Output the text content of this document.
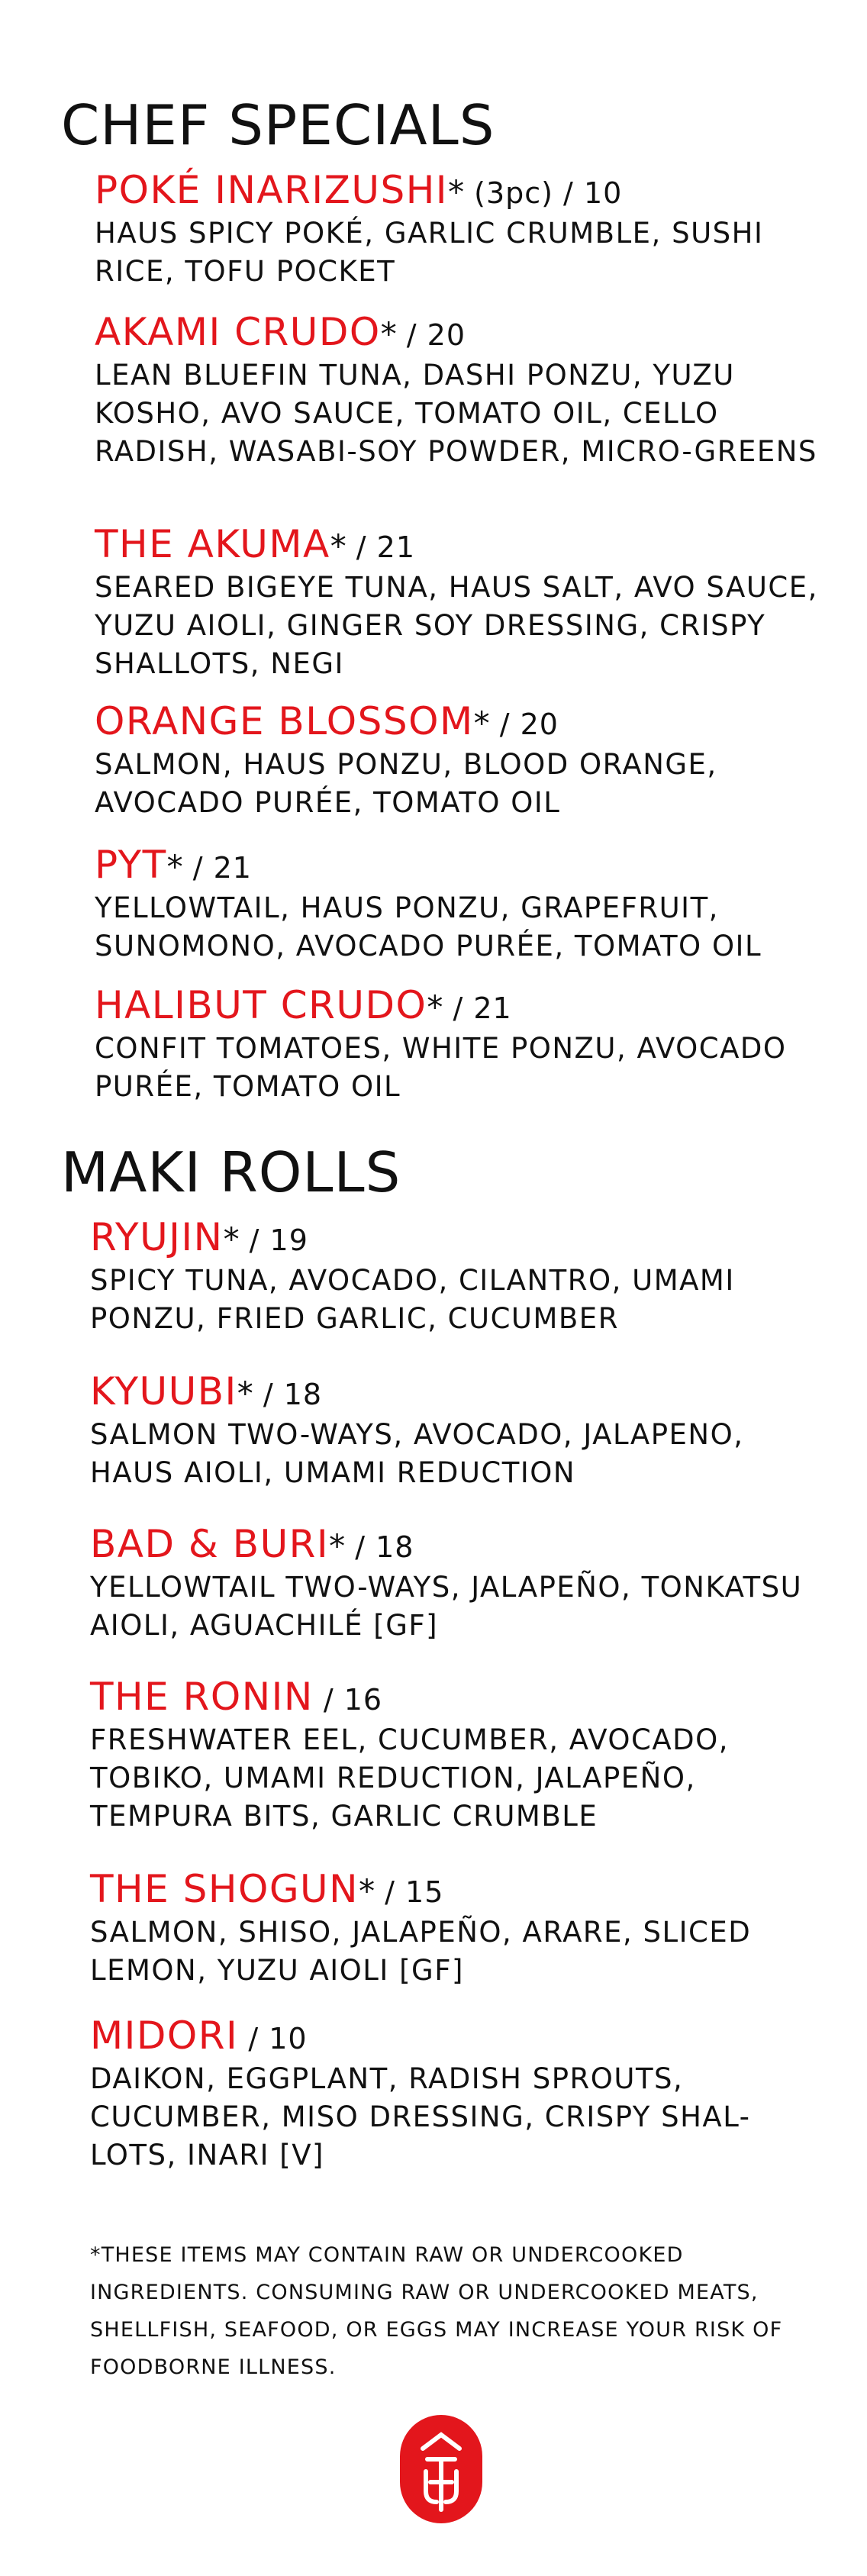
CHEF SPECIALS

POKÉ INARIZUSHI* (3pc) / 10

HAUS SPICY POKÉ, GARLIC CRUMBLE, SUSHI RICE, TOFU POCKET

AKAMI CRUDO* / 20

LEAN BLUEFIN TUNA, DASHI PONZU, YUZU KOSHO, AVO SAUCE, TOMATO OIL, CELLO RADISH, WASABI-SOY POWDER, MICRO-GREENS

THE AKUMA* / 21

SEARED BIGEYE TUNA, HAUS SALT, AVO SAUCE, YUZU AIOLI, GINGER SOY DRESSING, CRISPY SHALLOTS, NEGI

ORANGE BLOSSOM* / 20

SALMON, HAUS PONZU, BLOOD ORANGE, AVOCADO PURÉE, TOMATO OIL

PYT* / 21

YELLOWTAIL, HAUS PONZU, GRAPEFRUIT, SUNOMONO, AVOCADO PURÉE, TOMATO OIL

HALIBUT CRUDO* / 21

CONFIT TOMATOES, WHITE PONZU, AVOCADO PURÉE, TOMATO OIL

MAKI ROLLS

RYUJIN* / 19

SPICY TUNA, AVOCADO, CILANTRO, UMAMI PONZU, FRIED GARLIC, CUCUMBER

KYUUBI* / 18

SALMON TWO-WAYS, AVOCADO, JALAPENO, HAUS AIOLI, UMAMI REDUCTION

BAD & BURI* / 18

YELLOWTAIL TWO-WAYS, JALAPEÑO, TONKATSU AIOLI, AGUACHILÉ [GF]

THE RONIN / 16

FRESHWATER EEL, CUCUMBER, AVOCADO, TOBIKO, UMAMI REDUCTION, JALAPEÑO, TEMPURA BITS, GARLIC CRUMBLE

THE SHOGUN* / 15

SALMON, SHISO, JALAPEÑO, ARARE, SLICED LEMON, YUZU AIOLI [GF]

MIDORI / 10

DAIKON, EGGPLANT, RADISH SPROUTS, CUCUMBER, MISO DRESSING, CRISPY SHAL-LOTS, INARI [V]

*THESE ITEMS MAY CONTAIN RAW OR UNDERCOOKED INGREDIENTS. CONSUMING RAW OR UNDERCOOKED MEATS, SHELLFISH, SEAFOOD, OR EGGS MAY INCREASE YOUR RISK OF FOODBORNE ILLNESS.
